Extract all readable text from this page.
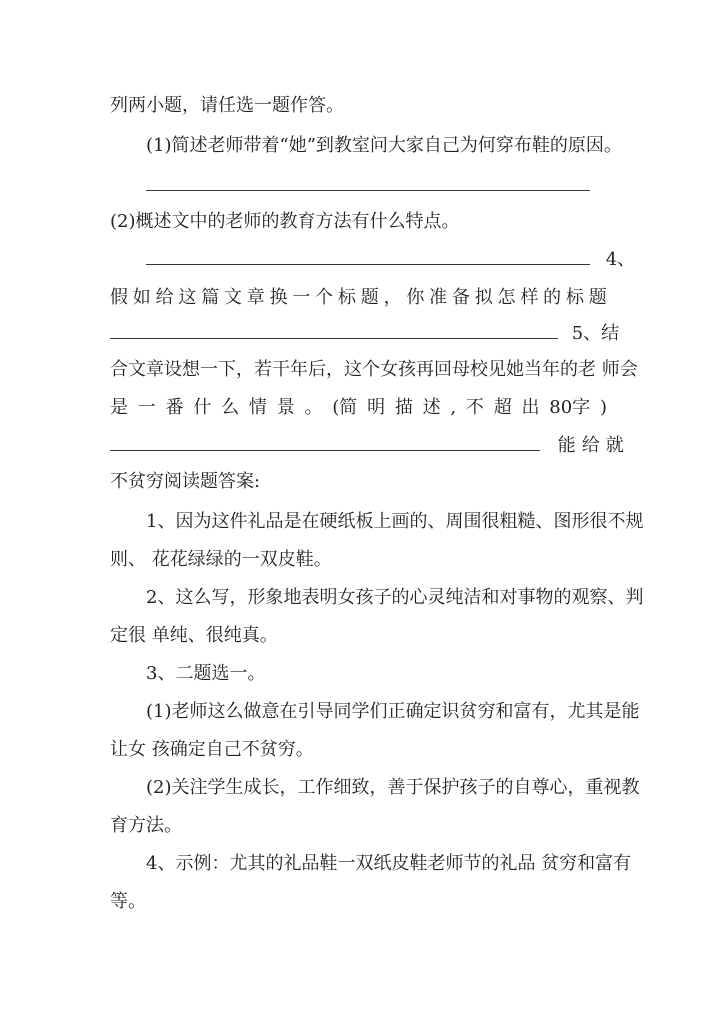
列两小题，请任选一题作答。
(1)简述老师带着“她”到教室问大家自己为何穿布鞋的原因。
(2)概述文中的老师的教育方法有什么特点。
4、
假 如 给 这 篇 文 章 换 一 个 标 题 ， 你 准 备 拟 怎 样 的 标 题
5、结
合文章设想一下，若干年后，这个女孩再回母校见她当年的老 师会
是 一 番 什 么 情 景 。 (简 明 描 述 , 不 超 出 80字 )
能给就
不贫穷阅读题答案:
1、因为这件礼品是在硬纸板上画的、周围很粗糙、图形很不规
则、 花花绿绿的一双皮鞋。
2、这么写，形象地表明女孩子的心灵纯洁和对事物的观察、判
定很 单纯、很纯真。
3、二题选一。
(1)老师这么做意在引导同学们正确定识贫穷和富有，尤其是能
让女 孩确定自己不贫穷。
(2)关注学生成长，工作细致，善于保护孩子的自尊心，重视教
育方法。
4、示例：尤其的礼品鞋一双纸皮鞋老师节的礼品 贫穷和富有
等。
